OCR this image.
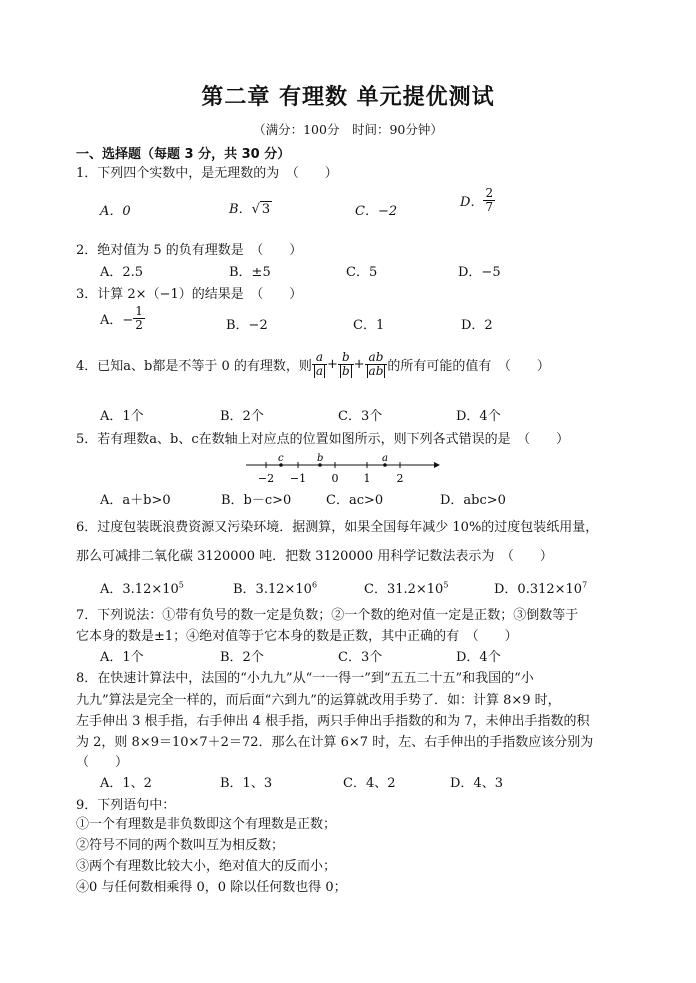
第二章 有理数 单元提优测试
（满分：100分　时间：90分钟）
一、选择题（每题 3 分，共 30 分）
1．下列四个实数中，是无理数的为　（　　）
A．0	B．√ 3	C．−2
D． $\frac{2}{7}$
2．绝对值为 5 的负有理数是　（　　）
A．2.5	B．±5	C．5	D．−5
3．计算 2×（−1）的结果是　（　　）
A．− $\frac{1}{2}$	B．−2	C．1	D．2
4．已知a、b都是不等于 0 的有理数，则 $\frac{a}{a} + \frac{b}{b} + \frac{ab}{ab}$ 的所有可能的值有　（　　）
A．1个	B．2个	C．3个	D．4个
5．若有理数a、b、c在数轴上对应点的位置如图所示，则下列各式错误的是　（　　）
c	b	a
−2 −1 0 1 2
A．a＋b>0	B．b－c>0	C．ac>0	D．abc>0
6．过度包装既浪费资源又污染环境．据测算，如果全国每年减少 10%的过度包装纸用量，
那么可减排二氧化碳 3120000 吨．把数 3120000 用科学记数法表示为　（　　）
A．$3.12\times 10^5$	B．$3.12\times 10^6$	C．$31.2\times 10^5$	D．$0.312\times 10^7$
7．下列说法：①带有负号的数一定是负数；②一个数的绝对值一定是正数；③倒数等于
它本身的数是±1；④绝对值等于它本身的数是正数，其中正确的有　（　　）
A．1个	B．2个	C．3个	D．4个
8．在快速计算法中，法国的“小九九”从“一一得一”到“五五二十五”和我国的“小
九九”算法是完全一样的，而后面“六到九”的运算就改用手势了．如：计算 8×9 时，
左手伸出 3 根手指，右手伸出 4 根手指，两只手伸出手指数的和为 7，未伸出手指数的积
为 2，则 8×9＝10×7＋2＝72．那么在计算 6×7 时，左、右手伸出的手指数应该分别为
（　　）
A．1、2	B．1、3	C．4、2	D．4、3
9．下列语句中：
①一个有理数是非负数即这个有理数是正数；
②符号不同的两个数叫互为相反数；
③两个有理数比较大小，绝对值大的反而小；
④0 与任何数相乘得 0，0 除以任何数也得 0；
